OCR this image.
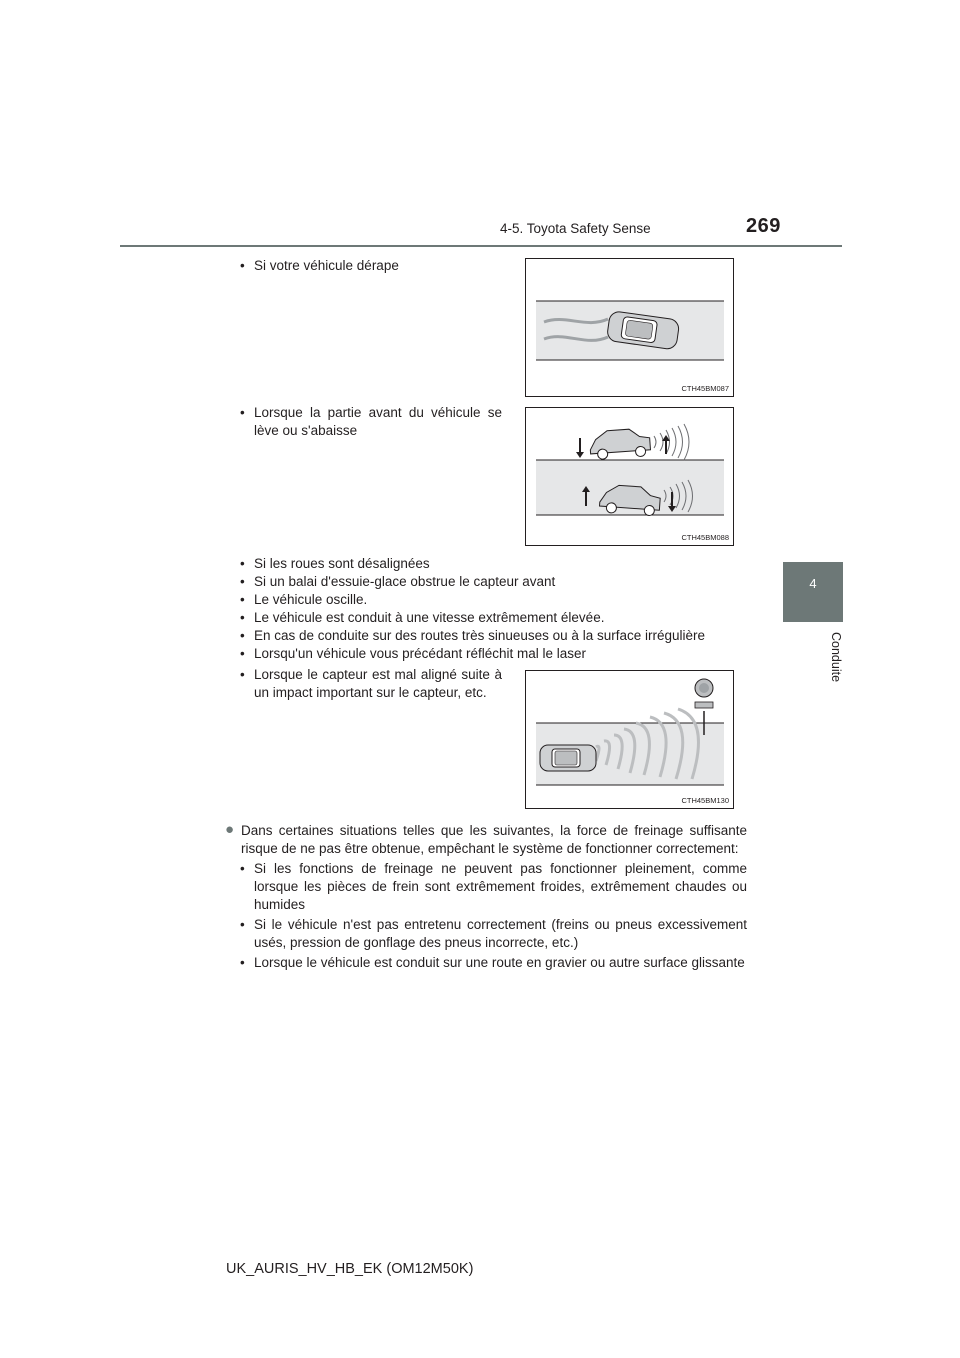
4-5. Toyota Safety Sense	269
4
Conduite
• Si votre véhicule dérape
CTH45BM087
• Lorsque la partie avant du véhicule se lève ou s'abaisse
CTH45BM088
• Si les roues sont désalignées
• Si un balai d'essuie-glace obstrue le capteur avant
• Le véhicule oscille.
• Le véhicule est conduit à une vitesse extrêmement élevée.
• En cas de conduite sur des routes très sinueuses ou à la surface irrégulière
• Lorsqu'un véhicule vous précédant réfléchit mal le laser
• Lorsque le capteur est mal aligné suite à un impact important sur le capteur, etc.
CTH45BM130
● Dans certaines situations telles que les suivantes, la force de freinage suffisante risque de ne pas être obtenue, empêchant le système de fonctionner correctement:
• Si les fonctions de freinage ne peuvent pas fonctionner pleinement, comme lorsque les pièces de frein sont extrêmement froides, extrêmement chaudes ou humides
• Si le véhicule n'est pas entretenu correctement (freins ou pneus excessivement usés, pression de gonflage des pneus incorrecte, etc.)
• Lorsque le véhicule est conduit sur une route en gravier ou autre surface glissante
UK_AURIS_HV_HB_EK (OM12M50K)
